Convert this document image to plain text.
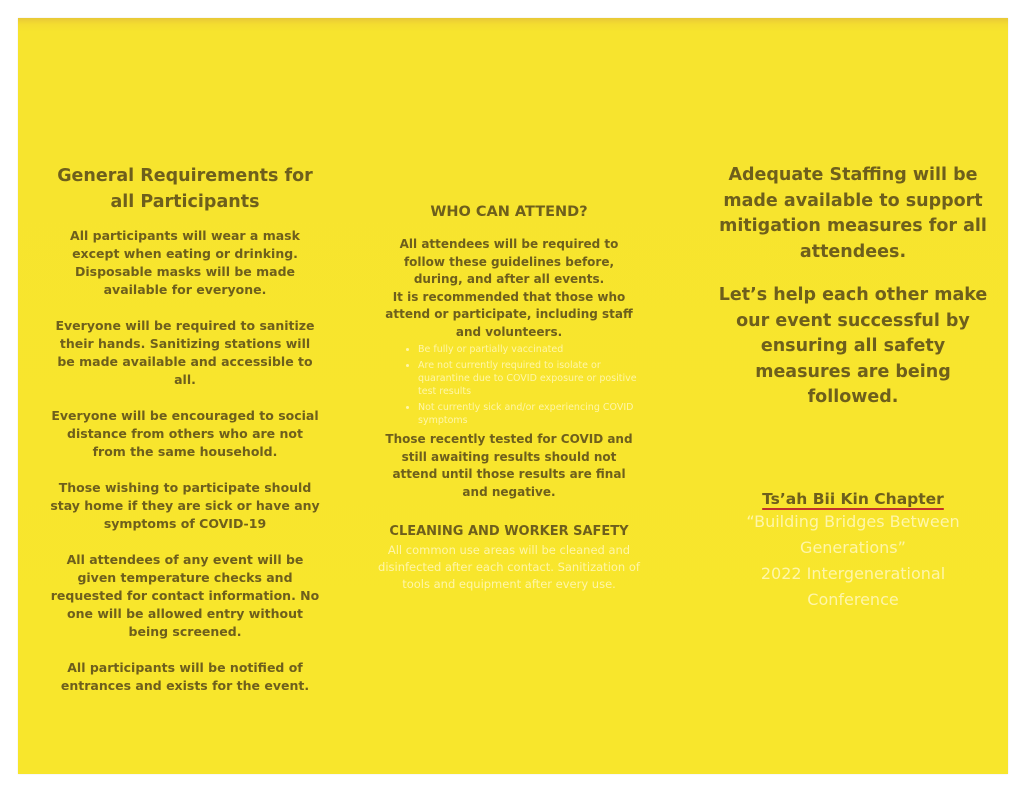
General Requirements for all Participants
All participants will wear a mask except when eating or drinking. Disposable masks will be made available for everyone.
Everyone will be required to sanitize their hands. Sanitizing stations will be made available and accessible to all.
Everyone will be encouraged to social distance from others who are not from the same household.
Those wishing to participate should stay home if they are sick or have any symptoms of COVID-19
All attendees of any event will be given temperature checks and requested for contact information. No one will be allowed entry without being screened.
All participants will be notified of entrances and exists for the event.
WHO CAN ATTEND?
All attendees will be required to follow these guidelines before, during, and after all events.
It is recommended that those who attend or participate, including staff and volunteers.
• Be fully or partially vaccinated
• Are not currently required to isolate or quarantine due to COVID exposure or positive test results
• Not currently sick and/or experiencing COVID symptoms
Those recently tested for COVID and still awaiting results should not attend until those results are final and negative.
CLEANING AND WORKER SAFETY
All common use areas will be cleaned and disinfected after each contact. Sanitization of tools and equipment after every use.
Adequate Staffing will be made available to support mitigation measures for all attendees.
Let’s help each other make our event successful by ensuring all safety measures are being followed.
Ts’ah Bii Kin Chapter
“Building Bridges Between Generations”
2022 Intergenerational Conference
